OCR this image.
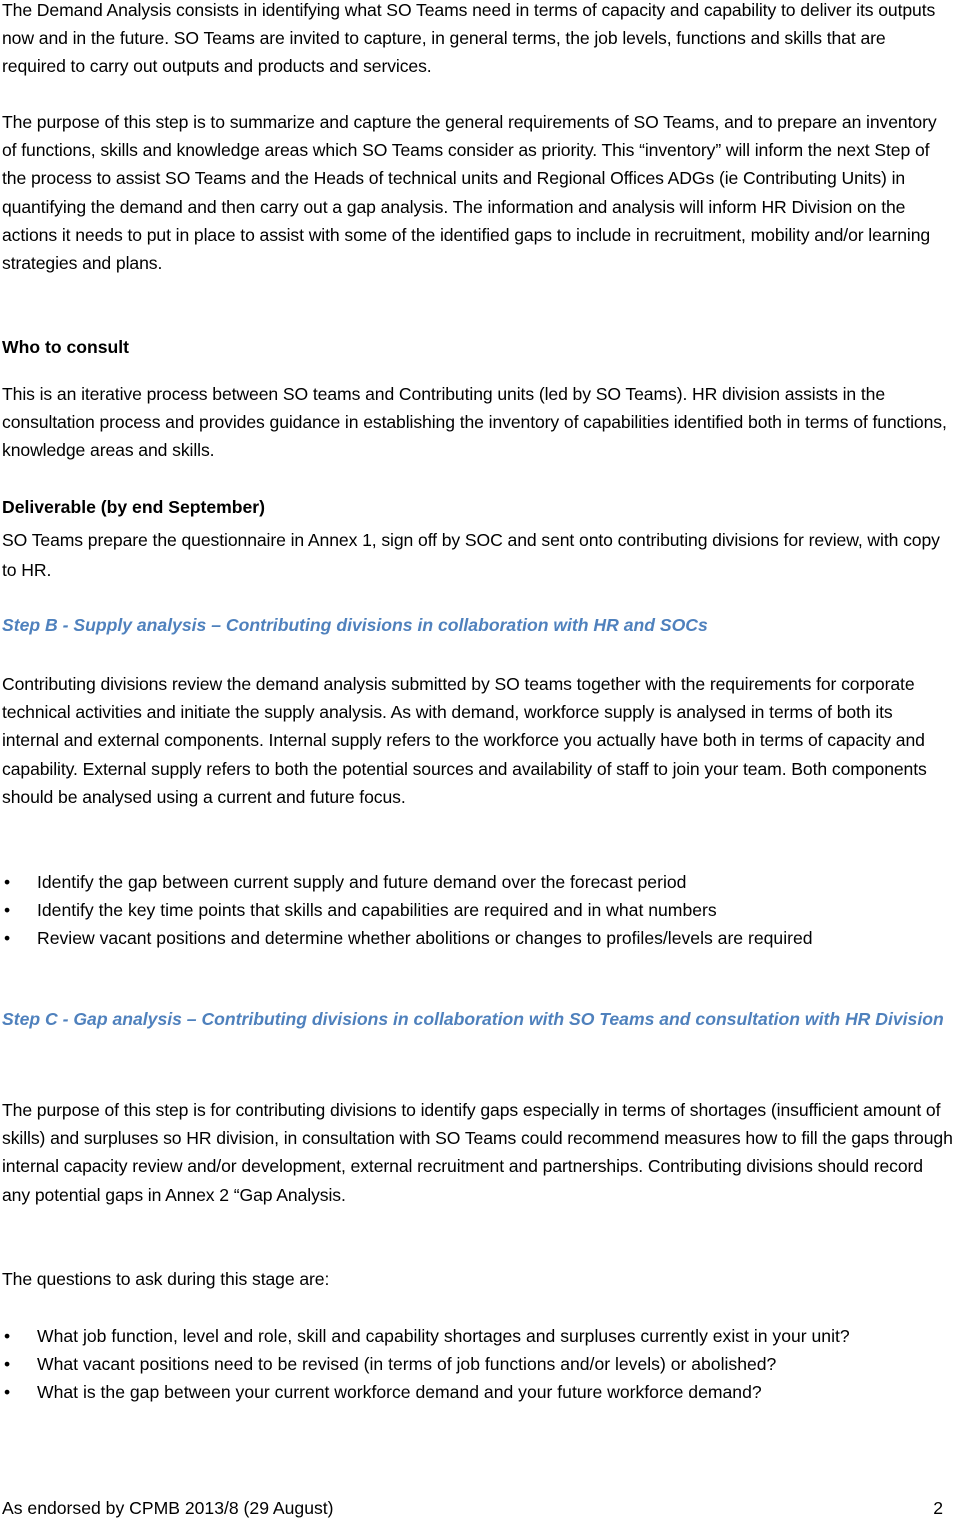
The Demand Analysis consists in identifying what SO Teams need in terms of capacity and capability to deliver its outputs now and in the future. SO Teams are invited to capture, in general terms, the job levels, functions and skills that are required to carry out outputs and products and services.

The purpose of this step is to summarize and capture the general requirements of SO Teams, and to prepare an inventory of functions, skills and knowledge areas which SO Teams consider as priority. This “inventory” will inform the next Step of the process to assist SO Teams and the Heads of technical units and Regional Offices ADGs (ie Contributing Units) in quantifying the demand and then carry out a gap analysis. The information and analysis will inform HR Division on the actions it needs to put in place to assist with some of the identified gaps to include in recruitment, mobility and/or learning strategies and plans.

Who to consult

This is an iterative process between SO teams and Contributing units (led by SO Teams). HR division assists in the consultation process and provides guidance in establishing the inventory of capabilities identified both in terms of functions, knowledge areas and skills.

Deliverable (by end September)

SO Teams prepare the questionnaire in Annex 1, sign off by SOC and sent onto contributing divisions for review, with copy to HR.

Step B - Supply analysis – Contributing divisions in collaboration with HR and SOCs

Contributing divisions review the demand analysis submitted by SO teams together with the requirements for corporate technical activities and initiate the supply analysis. As with demand, workforce supply is analysed in terms of both its internal and external components. Internal supply refers to the workforce you actually have both in terms of capacity and capability. External supply refers to both the potential sources and availability of staff to join your team. Both components should be analysed using a current and future focus.

•	Identify the gap between current supply and future demand over the forecast period
•	Identify the key time points that skills and capabilities are required and in what numbers
•	Review vacant positions and determine whether abolitions or changes to profiles/levels are required

Step C - Gap analysis – Contributing divisions in collaboration with SO Teams and consultation with HR Division

The purpose of this step is for contributing divisions to identify gaps especially in terms of shortages (insufficient amount of skills) and surpluses so HR division, in consultation with SO Teams could recommend measures how to fill the gaps through internal capacity review and/or development, external recruitment and partnerships. Contributing divisions should record any potential gaps in Annex 2 “Gap Analysis.

The questions to ask during this stage are:

•	What job function, level and role, skill and capability shortages and surpluses currently exist in your unit?
•	What vacant positions need to be revised (in terms of job functions and/or levels) or abolished?
•	What is the gap between your current workforce demand and your future workforce demand?
As endorsed by CPMB 2013/8 (29 August)	2
